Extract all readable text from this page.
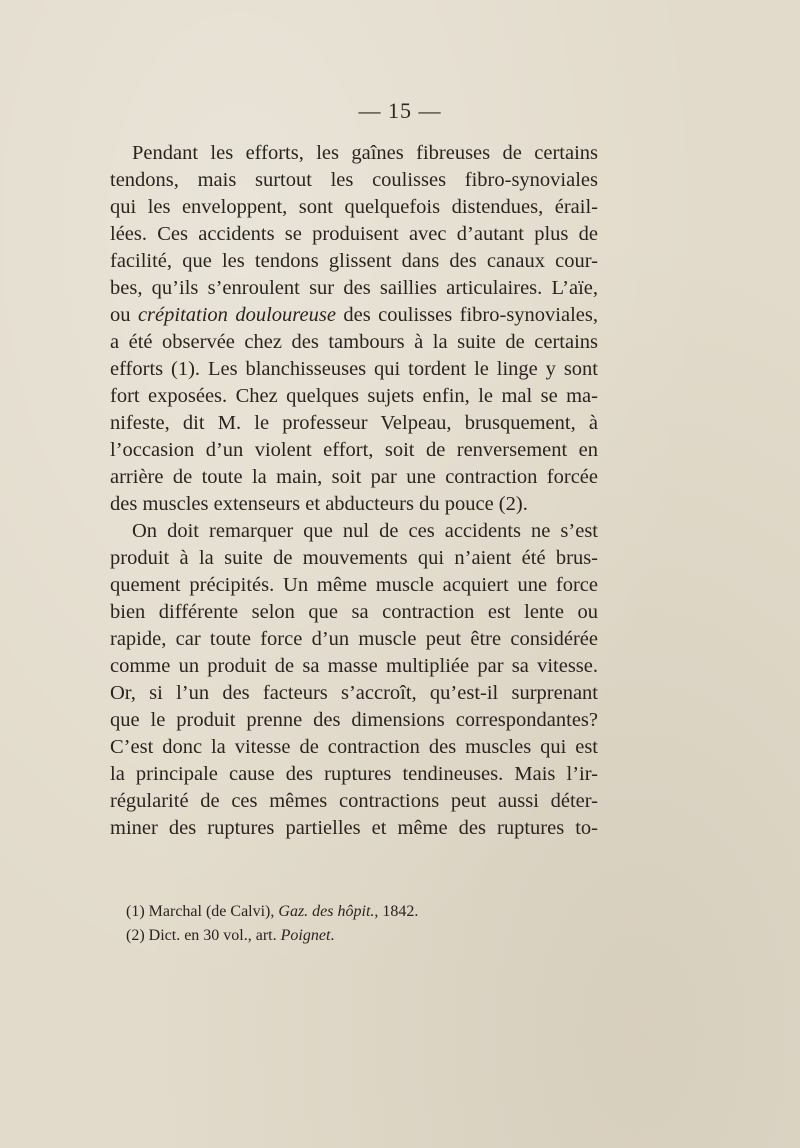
— 15 —
Pendant les efforts, les gaînes fibreuses de certains
tendons, mais surtout les coulisses fibro-synoviales
qui les enveloppent, sont quelquefois distendues, érail-
lées. Ces accidents se produisent avec d’autant plus de
facilité, que les tendons glissent dans des canaux cour-
bes, qu’ils s’enroulent sur des saillies articulaires. L’aïe,
ou crépitation douloureuse des coulisses fibro-synoviales,
a été observée chez des tambours à la suite de certains
efforts (1). Les blanchisseuses qui tordent le linge y sont
fort exposées. Chez quelques sujets enfin, le mal se ma-
nifeste, dit M. le professeur Velpeau, brusquement, à
l’occasion d’un violent effort, soit de renversement en
arrière de toute la main, soit par une contraction forcée
des muscles extenseurs et abducteurs du pouce (2).
On doit remarquer que nul de ces accidents ne s’est
produit à la suite de mouvements qui n’aient été brus-
quement précipités. Un même muscle acquiert une force
bien différente selon que sa contraction est lente ou
rapide, car toute force d’un muscle peut être considérée
comme un produit de sa masse multipliée par sa vitesse.
Or, si l’un des facteurs s’accroît, qu’est-il surprenant
que le produit prenne des dimensions correspondantes?
C’est donc la vitesse de contraction des muscles qui est
la principale cause des ruptures tendineuses. Mais l’ir-
régularité de ces mêmes contractions peut aussi déter-
miner des ruptures partielles et même des ruptures to-
(1) Marchal (de Calvi), Gaz. des hôpit., 1842.
(2) Dict. en 30 vol., art. Poignet.
